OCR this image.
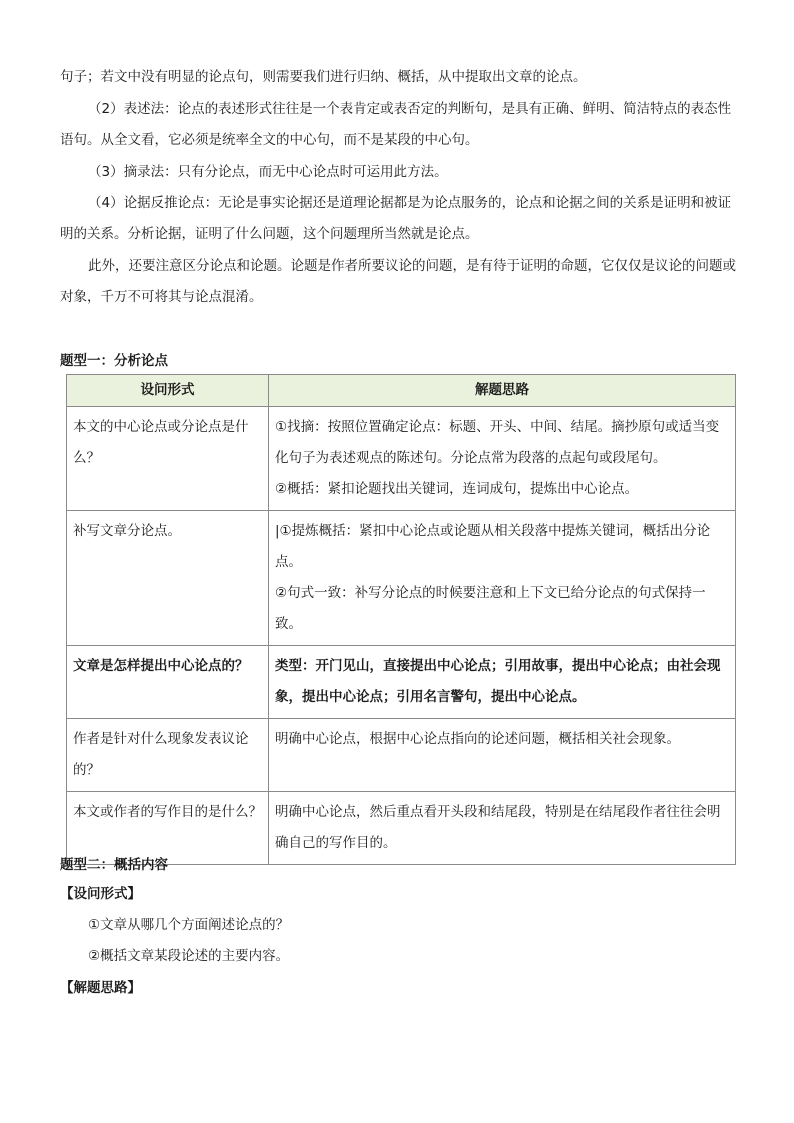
句子；若文中没有明显的论点句，则需要我们进行归纳、概括，从中提取出文章的论点。

（2）表述法：论点的表述形式往往是一个表肯定或表否定的判断句，是具有正确、鲜明、简洁特点的表态性语句。从全文看，它必须是统率全文的中心句，而不是某段的中心句。

（3）摘录法：只有分论点，而无中心论点时可运用此方法。

（4）论据反推论点：无论是事实论据还是道理论据都是为论点服务的，论点和论据之间的关系是证明和被证明的关系。分析论据，证明了什么问题，这个问题理所当然就是论点。

此外，还要注意区分论点和论题。论题是作者所要议论的问题，是有待于证明的命题，它仅仅是议论的问题或对象，千万不可将其与论点混淆。

题型一：分析论点

设问形式	解题思路
本文的中心论点或分论点是什么？	①找摘：按照位置确定论点：标题、开头、中间、结尾。摘抄原句或适当变化句子为表述观点的陈述句。分论点常为段落的点起句或段尾句。
②概括：紧扣论题找出关键词，连词成句，提炼出中心论点。

补写文章分论点。	|①提炼概括：紧扣中心论点或论题从相关段落中提炼关键词，概括出分论点。
②句式一致：补写分论点的时候要注意和上下文已给分论点的句式保持一致。

文章是怎样提出中心论点的？	类型：开门见山，直接提出中心论点；引用故事，提出中心论点；由社会现象，提出中心论点；引用名言警句，提出中心论点。

作者是针对什么现象发表议论的？	明确中心论点，根据中心论点指向的论述问题，概括相关社会现象。

本文或作者的写作目的是什么？	明确中心论点，然后重点看开头段和结尾段，特别是在结尾段作者往往会明确自己的写作目的。

题型二：概括内容

【设问形式】

①文章从哪几个方面阐述论点的？

②概括文章某段论述的主要内容。

【解题思路】
